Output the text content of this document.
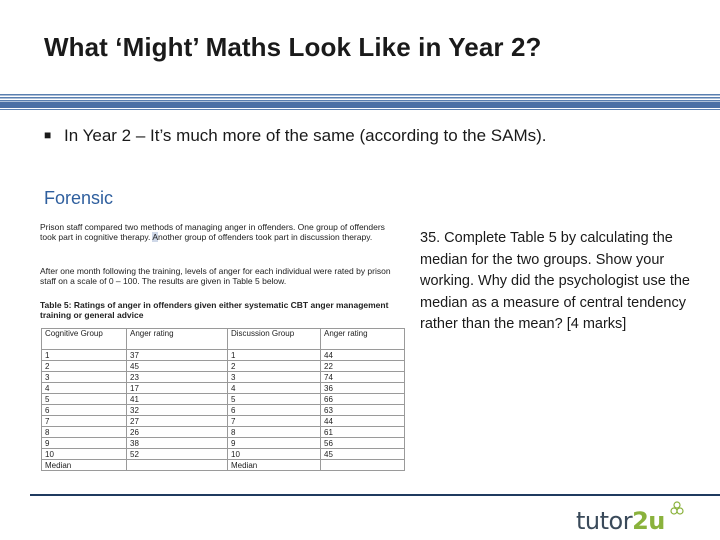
What ‘Might’ Maths Look Like in Year 2?
■ In Year 2 – It’s much more of the same (according to the SAMs).
Forensic

Prison staff compared two methods of managing anger in offenders. One group of offenders took part in cognitive therapy. Another group of offenders took part in discussion therapy.

After one month following the training, levels of anger for each individual were rated by prison staff on a scale of 0 – 100. The results are given in Table 5 below.

Table 5: Ratings of anger in offenders given either systematic CBT anger management training or general advice

Cognitive Group	Anger rating	Discussion Group	Anger rating
1	37	1	44
2	45	2	22
3	23	3	74
4	17	4	36
5	41	5	66
6	32	6	63
7	27	7	44
8	26	8	61
9	38	9	56
10	52	10	45
Median		Median	
35. Complete Table 5 by calculating the median for the two groups. Show your working. Why did the psychologist use the median as a measure of central tendency rather than the mean? [4 marks]
tutor2u
